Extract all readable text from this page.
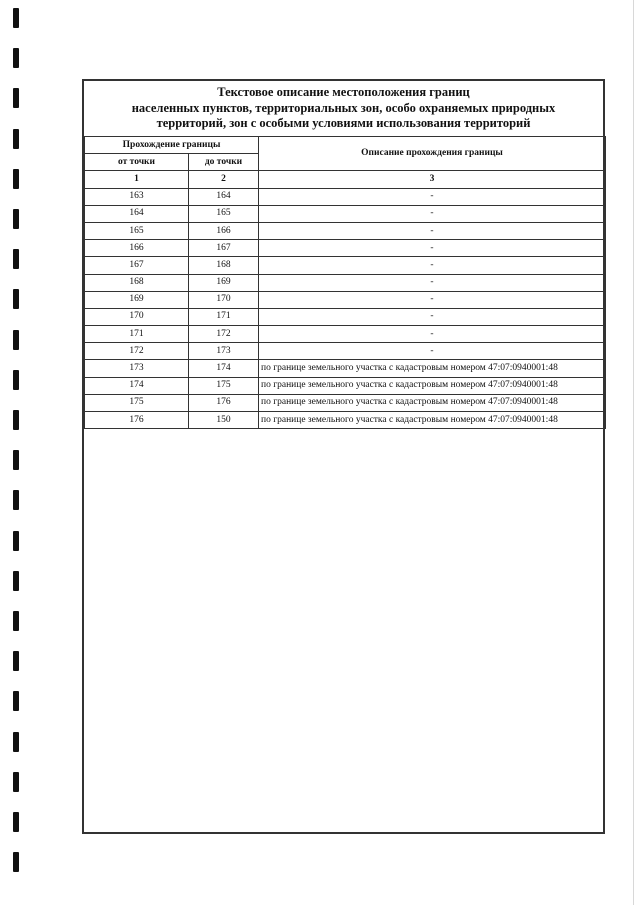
Текстовое описание местоположения границ
населенных пунктов, территориальных зон, особо охраняемых природных
территорий, зон с особыми условиями использования территорий
Прохождение границы		Описание прохождения границы
от точки	до точки	
1	2	3
163	164	-
164	165	-
165	166	-
166	167	-
167	168	-
168	169	-
169	170	-
170	171	-
171	172	-
172	173	-
173	174	по границе земельного участка с кадастровым номером 47:07:0940001:48
174	175	по границе земельного участка с кадастровым номером 47:07:0940001:48
175	176	по границе земельного участка с кадастровым номером 47:07:0940001:48
176	150	по границе земельного участка с кадастровым номером 47:07:0940001:48
